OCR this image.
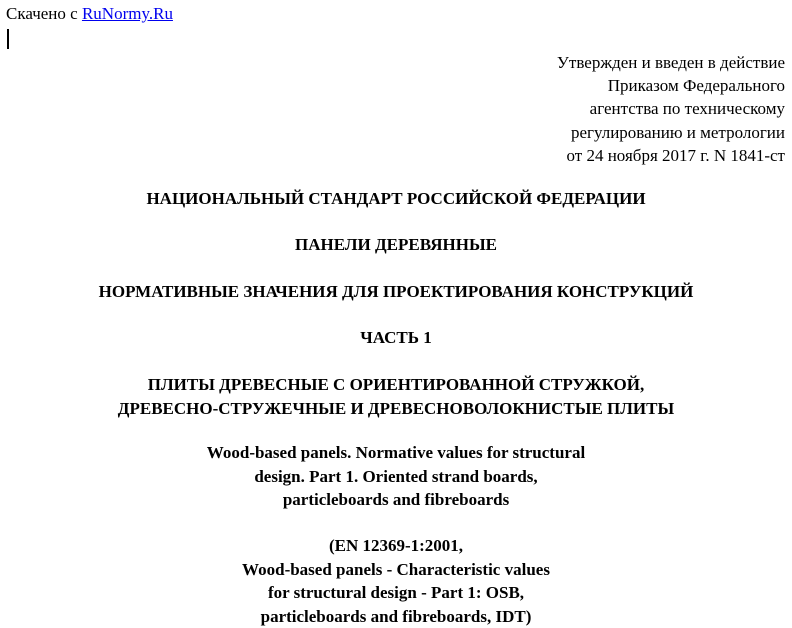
Скачено с RuNormy.Ru
Утвержден и введен в действие
Приказом Федерального
агентства по техническому
регулированию и метрологии
от 24 ноября 2017 г. N 1841-ст
НАЦИОНАЛЬНЫЙ СТАНДАРТ РОССИЙСКОЙ ФЕДЕРАЦИИ
ПАНЕЛИ ДЕРЕВЯННЫЕ
НОРМАТИВНЫЕ ЗНАЧЕНИЯ ДЛЯ ПРОЕКТИРОВАНИЯ КОНСТРУКЦИЙ
ЧАСТЬ 1
ПЛИТЫ ДРЕВЕСНЫЕ С ОРИЕНТИРОВАННОЙ СТРУЖКОЙ,
ДРЕВЕСНО-СТРУЖЕЧНЫЕ И ДРЕВЕСНОВОЛОКНИСТЫЕ ПЛИТЫ
Wood-based panels. Normative values for structural
design. Part 1. Oriented strand boards,
particleboards and fibreboards
(EN 12369-1:2001,
Wood-based panels - Characteristic values
for structural design - Part 1: OSB,
particleboards and fibreboards, IDT)
